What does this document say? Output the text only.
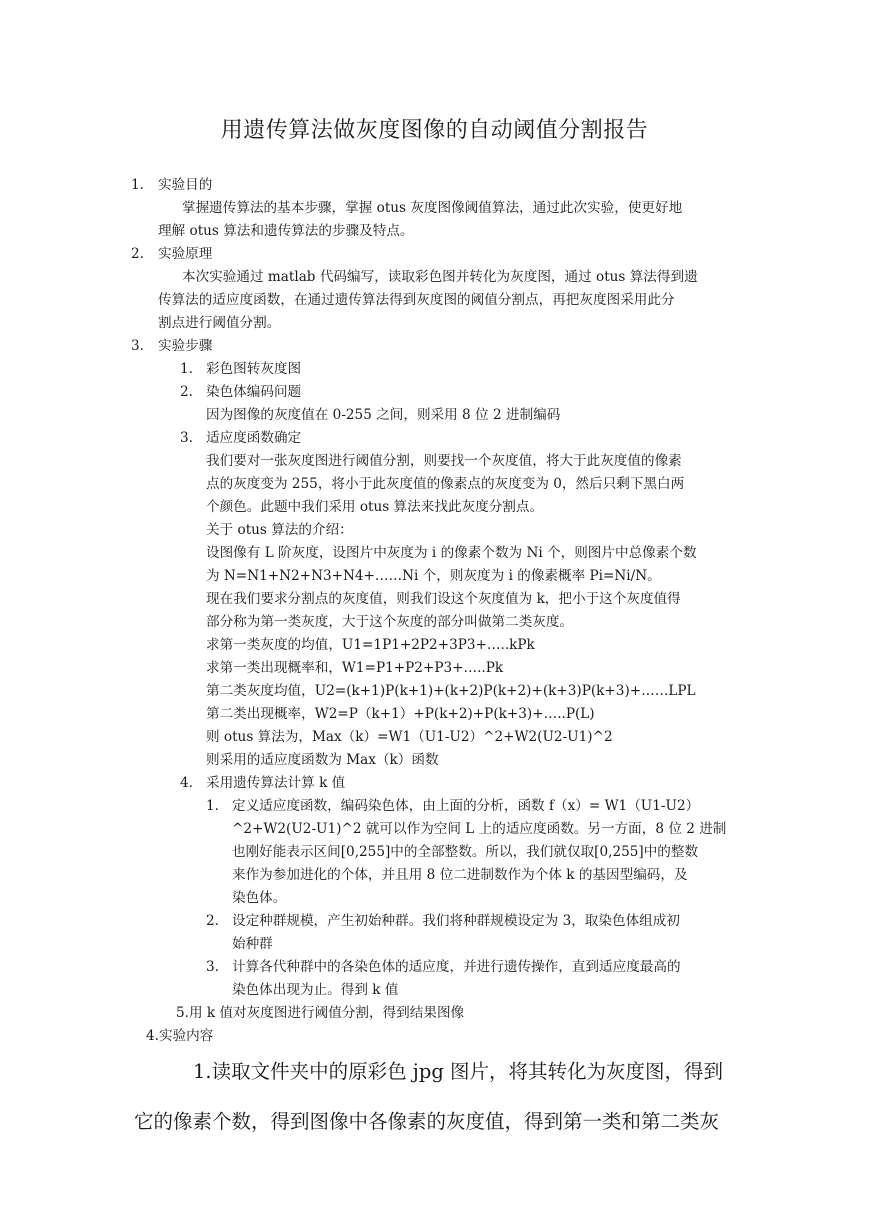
用遗传算法做灰度图像的自动阈值分割报告
1. 实验目的
掌握遗传算法的基本步骤，掌握 otus 灰度图像阈值算法，通过此次实验，使更好地
理解 otus 算法和遗传算法的步骤及特点。
2. 实验原理
本次实验通过 matlab 代码编写，读取彩色图并转化为灰度图，通过 otus 算法得到遗
传算法的适应度函数，在通过遗传算法得到灰度图的阈值分割点，再把灰度图采用此分
割点进行阈值分割。
3. 实验步骤
1. 彩色图转灰度图
2. 染色体编码问题
因为图像的灰度值在 0-255 之间，则采用 8 位 2 进制编码
3. 适应度函数确定
我们要对一张灰度图进行阈值分割，则要找一个灰度值，将大于此灰度值的像素
点的灰度变为 255，将小于此灰度值的像素点的灰度变为 0，然后只剩下黑白两
个颜色。此题中我们采用 otus 算法来找此灰度分割点。
关于 otus 算法的介绍：
设图像有 L 阶灰度，设图片中灰度为 i 的像素个数为 Ni 个，则图片中总像素个数
为 N=N1+N2+N3+N4+……Ni 个，则灰度为 i 的像素概率 Pi=Ni/N。
现在我们要求分割点的灰度值，则我们设这个灰度值为 k，把小于这个灰度值得
部分称为第一类灰度，大于这个灰度的部分叫做第二类灰度。
求第一类灰度的均值，U1=1P1+2P2+3P3+…..kPk
求第一类出现概率和，W1=P1+P2+P3+…..Pk
第二类灰度均值，U2=(k+1)P(k+1)+(k+2)P(k+2)+(k+3)P(k+3)+……LPL
第二类出现概率，W2=P（k+1）+P(k+2)+P(k+3)+…..P(L)
则 otus 算法为，Max（k）=W1（U1-U2）^2+W2(U2-U1)^2
则采用的适应度函数为 Max（k）函数
4. 采用遗传算法计算 k 值
1. 定义适应度函数，编码染色体，由上面的分析，函数 f（x）= W1（U1-U2）
^2+W2(U2-U1)^2 就可以作为空间 L 上的适应度函数。另一方面，8 位 2 进制
也刚好能表示区间[0,255]中的全部整数。所以，我们就仅取[0,255]中的整数
来作为参加进化的个体，并且用 8 位二进制数作为个体 k 的基因型编码，及
染色体。
2. 设定种群规模，产生初始种群。我们将种群规模设定为 3，取染色体组成初
始种群
3. 计算各代种群中的各染色体的适应度，并进行遗传操作，直到适应度最高的
染色体出现为止。得到 k 值
5.用 k 值对灰度图进行阈值分割，得到结果图像
4.实验内容
1.读取文件夹中的原彩色 jpg 图片，将其转化为灰度图，得到
它的像素个数，得到图像中各像素的灰度值，得到第一类和第二类灰
